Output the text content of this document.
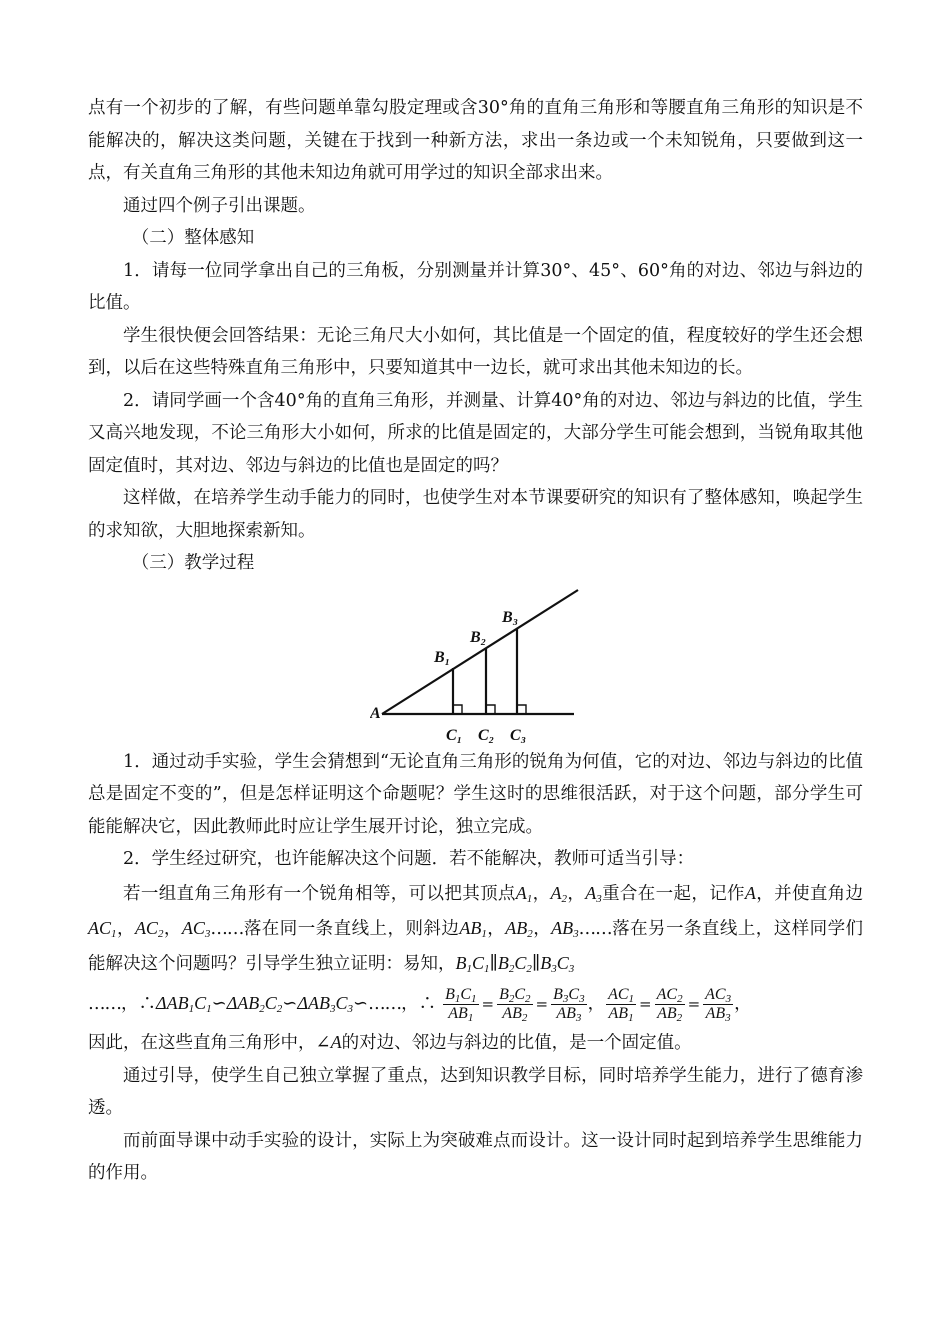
点有一个初步的了解，有些问题单靠勾股定理或含30°角的直角三角形和等腰直角三角形的知识是不能解决的，解决这类问题，关键在于找到一种新方法，求出一条边或一个未知锐角，只要做到这一点，有关直角三角形的其他未知边角就可用学过的知识全部求出来。

通过四个例子引出课题。

（二）整体感知

1．请每一位同学拿出自己的三角板，分别测量并计算30°、45°、60°角的对边、邻边与斜边的比值。

学生很快便会回答结果：无论三角尺大小如何，其比值是一个固定的值，程度较好的学生还会想到，以后在这些特殊直角三角形中，只要知道其中一边长，就可求出其他未知边的长。

2．请同学画一个含40°角的直角三角形，并测量、计算40°角的对边、邻边与斜边的比值，学生又高兴地发现，不论三角形大小如何，所求的比值是固定的，大部分学生可能会想到，当锐角取其他固定值时，其对边、邻边与斜边的比值也是固定的吗？

这样做，在培养学生动手能力的同时，也使学生对本节课要研究的知识有了整体感知，唤起学生的求知欲，大胆地探索新知。

（三）教学过程

A
B₁
B₂
B₃
C₁ C₂ C₃

1．通过动手实验，学生会猜想到“无论直角三角形的锐角为何值，它的对边、邻边与斜边的比值总是固定不变的”，但是怎样证明这个命题呢？学生这时的思维很活跃，对于这个问题，部分学生可能能解决它，因此教师此时应让学生展开讨论，独立完成。

2．学生经过研究，也许能解决这个问题．若不能解决，教师可适当引导：

若一组直角三角形有一个锐角相等，可以把其顶点$A_1$，$A_2$，$A_3$重合在一起，记作A，并使直角边$AC_1$，$AC_2$，$AC_3\dots\dots$落在同一条直线上，则斜边$AB_1$，$AB_2$，$AB_3\dots\dots$落在另一条直线上，这样同学们能解决这个问题吗？引导学生独立证明：易知，$B_1C_1\parallel B_2C_2\parallel B_3C_3$

……，$\therefore\Delta AB_1C_1∽\Delta AB_2C_2∽\Delta AB_3C_3∽\dots\dots$，∴ $\frac{B_1C_1}{AB_1} = \frac{B_2C_2}{AB_2} = \frac{B_3C_3}{AB_3}$ ， $\frac{AC_1}{AB_1} = \frac{AC_2}{AB_2} = \frac{AC_3}{AB_3}$ ，

因此，在这些直角三角形中，∠A的对边、邻边与斜边的比值，是一个固定值。

通过引导，使学生自己独立掌握了重点，达到知识教学目标，同时培养学生能力，进行了德育渗透。

而前面导课中动手实验的设计，实际上为突破难点而设计。这一设计同时起到培养学生思维能力的作用。
